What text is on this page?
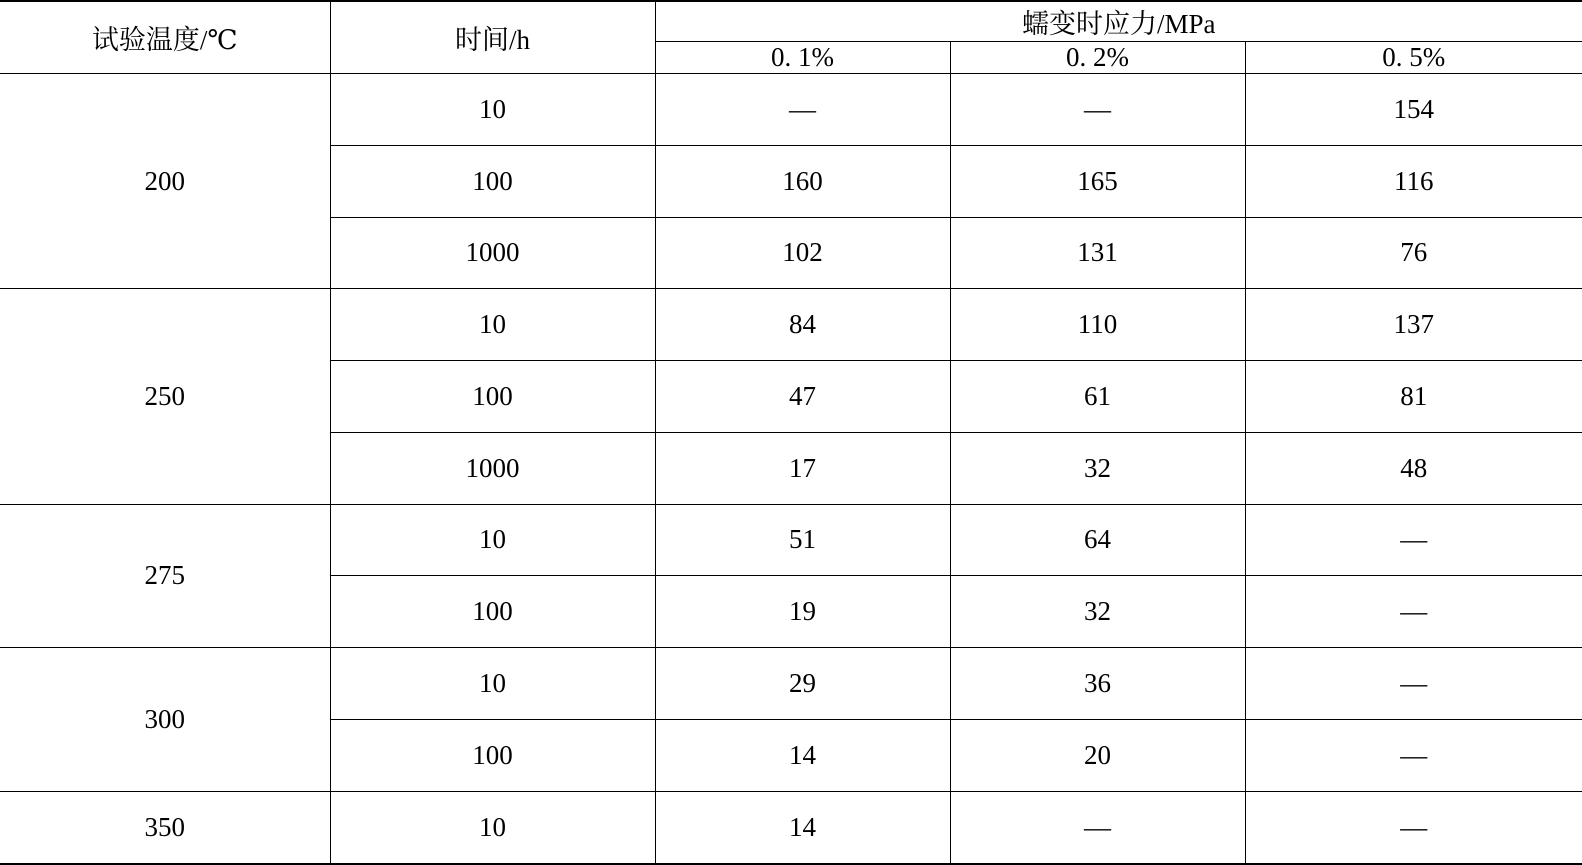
试验温度/℃	时间/h	蠕变时应力/MPa		
		0. 1%	0. 2%	0. 5%
200	10	—	—	154
	100	160	165	116
	1000	102	131	76
250	10	84	110	137
	100	47	61	81
	1000	17	32	48
275	10	51	64	—
	100	19	32	—
300	10	29	36	—
	100	14	20	—
350	10	14	—	—
